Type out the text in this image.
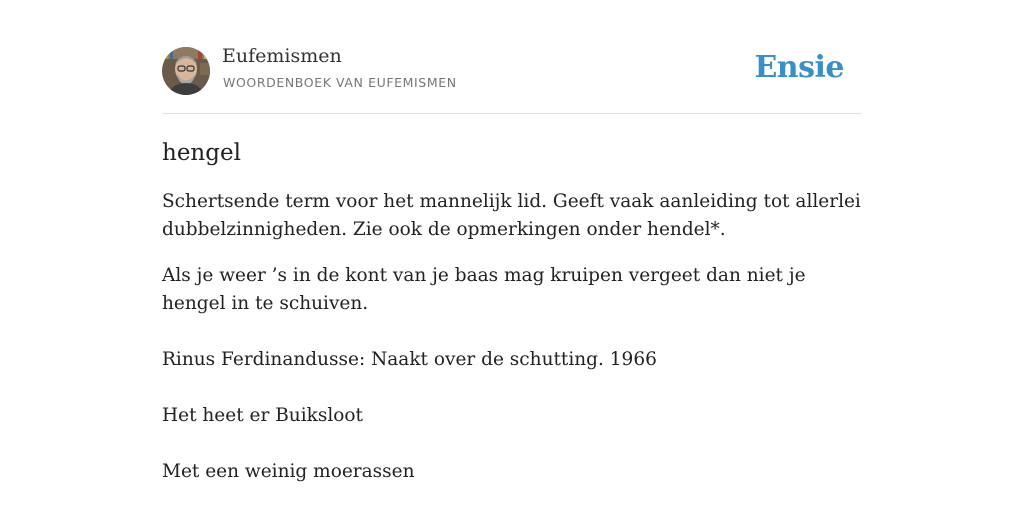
Eufemismen
WOORDENBOEK VAN EUFEMISMEN	Ensie
hengel

Schertsende term voor het mannelijk lid. Geeft vaak aanleiding tot allerlei dubbelzinnigheden. Zie ook de opmerkingen onder hendel*.

Als je weer ’s in de kont van je baas mag kruipen vergeet dan niet je hengel in te schuiven.
Rinus Ferdinandusse: Naakt over de schutting. 1966
Het heet er Buiksloot
Met een weinig moerassen
